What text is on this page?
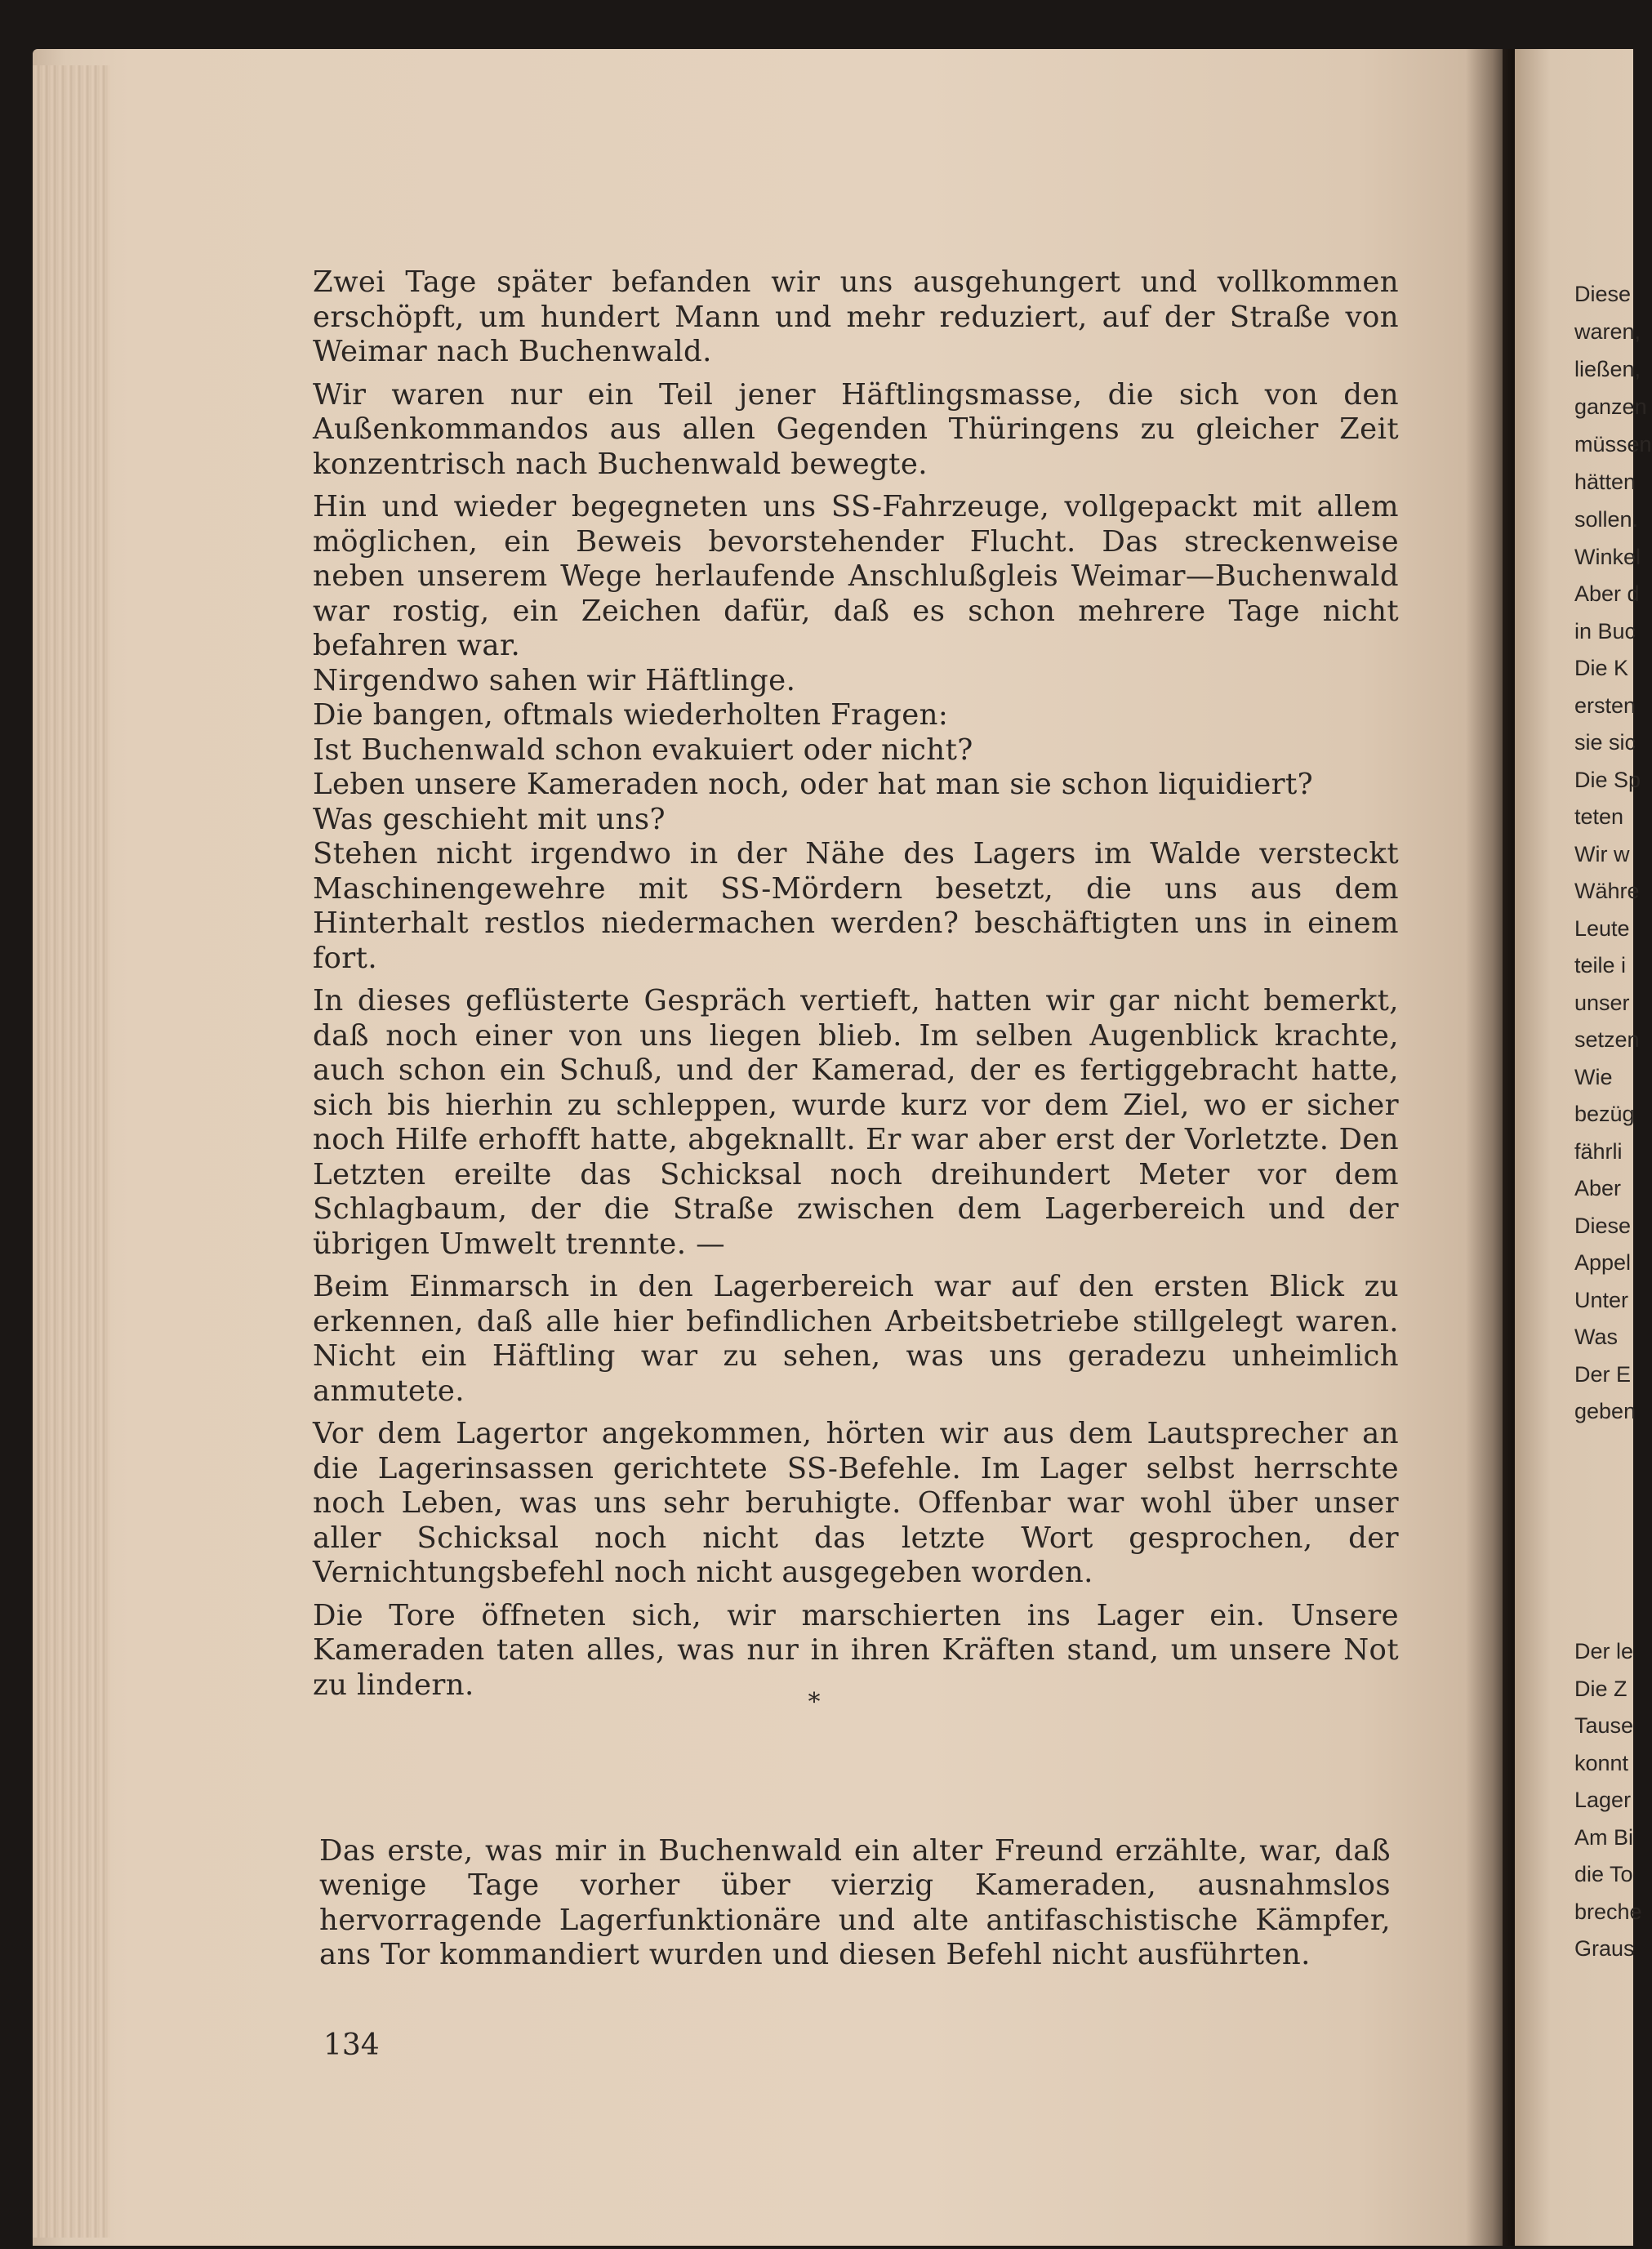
Zwei Tage später befanden wir uns ausgehungert und vollkommen erschöpft, um hundert Mann und mehr reduziert, auf der Straße von Weimar nach Buchenwald.

Wir waren nur ein Teil jener Häftlingsmasse, die sich von den Außenkommandos aus allen Gegenden Thüringens zu gleicher Zeit konzentrisch nach Buchenwald bewegte.

Hin und wieder begegneten uns SS-Fahrzeuge, vollgepackt mit allem möglichen, ein Beweis bevorstehender Flucht. Das streckenweise neben unserem Wege herlaufende Anschlußgleis Weimar—Buchenwald war rostig, ein Zeichen dafür, daß es schon mehrere Tage nicht befahren war.

Nirgendwo sahen wir Häftlinge.

Die bangen, oftmals wiederholten Fragen:

Ist Buchenwald schon evakuiert oder nicht?

Leben unsere Kameraden noch, oder hat man sie schon liquidiert?

Was geschieht mit uns?

Stehen nicht irgendwo in der Nähe des Lagers im Walde versteckt Maschinengewehre mit SS-Mördern besetzt, die uns aus dem Hinterhalt restlos niedermachen werden? beschäftigten uns in einem fort.

In dieses geflüsterte Gespräch vertieft, hatten wir gar nicht bemerkt, daß noch einer von uns liegen blieb. Im selben Augenblick krachte, auch schon ein Schuß, und der Kamerad, der es fertiggebracht hatte, sich bis hierhin zu schleppen, wurde kurz vor dem Ziel, wo er sicher noch Hilfe erhofft hatte, abgeknallt. Er war aber erst der Vorletzte. Den Letzten ereilte das Schicksal noch dreihundert Meter vor dem Schlagbaum, der die Straße zwischen dem Lagerbereich und der übrigen Umwelt trennte. —

Beim Einmarsch in den Lagerbereich war auf den ersten Blick zu erkennen, daß alle hier befindlichen Arbeitsbetriebe stillgelegt waren. Nicht ein Häftling war zu sehen, was uns geradezu unheimlich anmutete.

Vor dem Lagertor angekommen, hörten wir aus dem Lautsprecher an die Lagerinsassen gerichtete SS-Befehle. Im Lager selbst herrschte noch Leben, was uns sehr beruhigte. Offenbar war wohl über unser aller Schicksal noch nicht das letzte Wort gesprochen, der Vernichtungsbefehl noch nicht ausgegeben worden.

Die Tore öffneten sich, wir marschierten ins Lager ein. Unsere Kameraden taten alles, was nur in ihren Kräften stand, um unsere Not zu lindern.

*

Das erste, was mir in Buchenwald ein alter Freund erzählte, war, daß wenige Tage vorher über vierzig Kameraden, ausnahmslos hervorragende Lagerfunktionäre und alte antifaschistische Kämpfer, ans Tor kommandiert wurden und diesen Befehl nicht ausführten.

134
Diese
waren,
ließen,
ganzen
müssen
hätten
sollen.
Winkel
Aber d
in Buc
Die K
ersten
sie sic
Die Sp
teten
Wir w
Währe
Leute
teile i
unser
setzen
Wie
bezüg
fährli
Aber
Diese
Appel
Unter
Was
Der E
geben
Der le
Die Z
Tause
konnt
Lager
Am Bi
die To
breche
Graus
